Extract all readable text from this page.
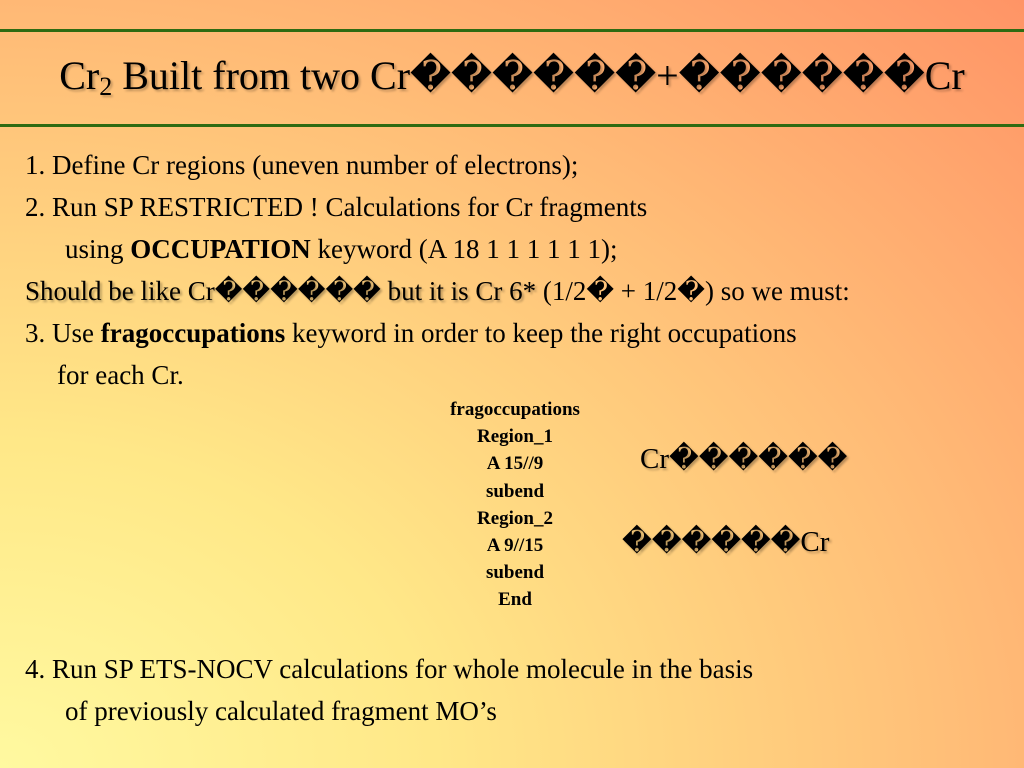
$Cr_2$ Built from two Cr������+������Cr
1. Define Cr regions (uneven number of electrons);
2. Run SP RESTRICTED ! Calculations for Cr fragments
using OCCUPATION keyword (A 18 1 1 1 1 1 1);
Should be like Cr������ but it is Cr 6* (1/2� + 1/2�) so we must:
3. Use fragoccupations keyword in order to keep the right occupations
for each Cr.
fragoccupations
Region_1
A 15//9
subend
Region_2
A 9//15
subend
End
Cr������
������Cr
4. Run SP ETS-NOCV calculations for whole molecule in the basis
of previously calculated fragment MO’s
